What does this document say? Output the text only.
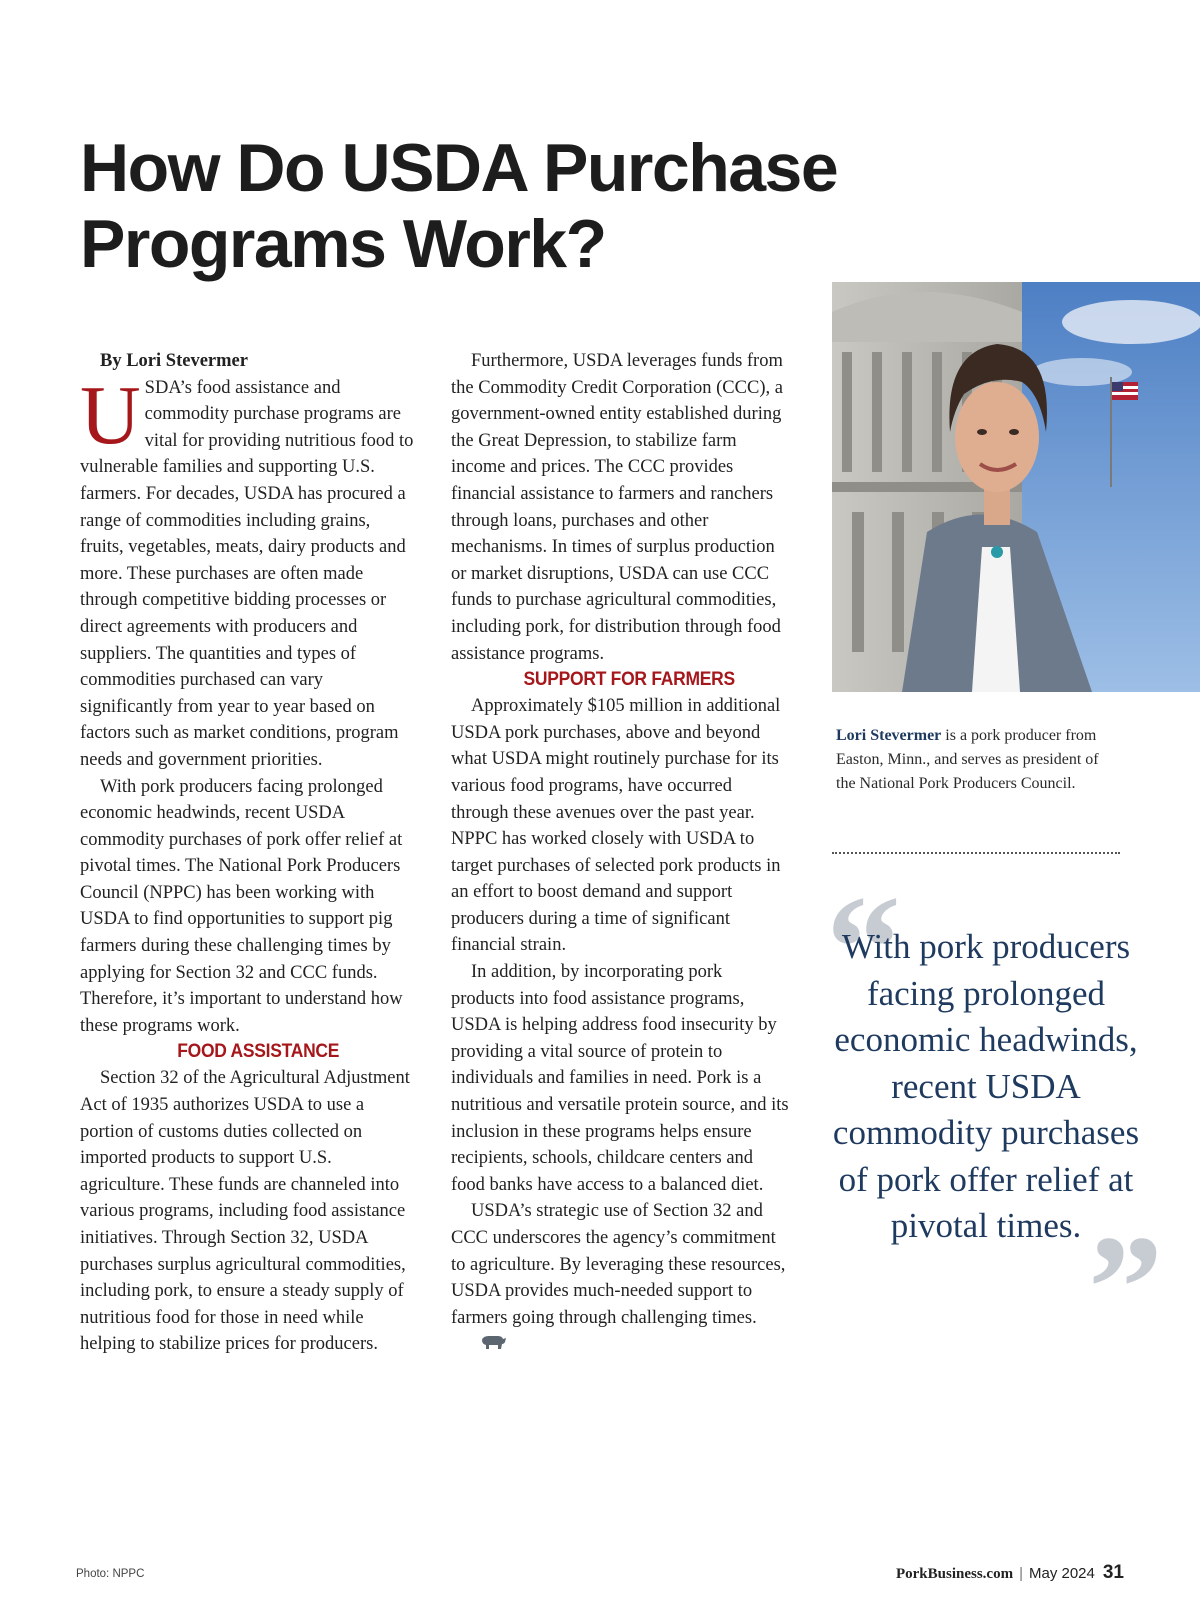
How Do USDA Purchase
Programs Work?

By Lori Stevermer

USDA’s food assistance and commodity purchase programs are vital for providing nutritious food to vulnerable families and supporting U.S. farmers. For decades, USDA has procured a range of commodities including grains, fruits, vegetables, meats, dairy products and more. These purchases are often made through competitive bidding processes or direct agreements with producers and suppliers. The quantities and types of commodities purchased can vary significantly from year to year based on factors such as market conditions, program needs and government priorities.

With pork producers facing prolonged economic headwinds, recent USDA commodity purchases of pork offer relief at pivotal times. The National Pork Producers Council (NPPC) has been working with USDA to find opportunities to support pig farmers during these challenging times by applying for Section 32 and CCC funds. Therefore, it’s important to understand how these programs work.

FOOD ASSISTANCE

Section 32 of the Agricultural Adjustment Act of 1935 authorizes USDA to use a portion of customs duties collected on imported products to support U.S. agriculture. These funds are channeled into various programs, including food assistance initiatives. Through Section 32, USDA purchases surplus agricultural commodities, including pork, to ensure a steady supply of nutritious food for those in need while helping to stabilize prices for producers.

Furthermore, USDA leverages funds from the Commodity Credit Corporation (CCC), a government-owned entity established during the Great Depression, to stabilize farm income and prices. The CCC provides financial assistance to farmers and ranchers through loans, purchases and other mechanisms. In times of surplus production or market disruptions, USDA can use CCC funds to purchase agricultural commodities, including pork, for distribution through food assistance programs.

SUPPORT FOR FARMERS

Approximately $105 million in additional USDA pork purchases, above and beyond what USDA might routinely purchase for its various food programs, have occurred through these avenues over the past year. NPPC has worked closely with USDA to target purchases of selected pork products in an effort to boost demand and support producers during a time of significant financial strain.

In addition, by incorporating pork products into food assistance programs, USDA is helping address food insecurity by providing a vital source of protein to individuals and families in need. Pork is a nutritious and versatile protein source, and its inclusion in these programs helps ensure recipients, schools, childcare centers and food banks have access to a balanced diet.

USDA’s strategic use of Section 32 and CCC underscores the agency’s commitment to agriculture. By leveraging these resources, USDA provides much-needed support to farmers going through challenging times.

Lori Stevermer is a pork producer from Easton, Minn., and serves as president of the National Pork Producers Council.
“

With pork producers facing prolonged economic headwinds, recent USDA commodity purchases of pork offer relief at pivotal times. ”
Photo: NPPC	PorkBusiness.com | May 2024 31
